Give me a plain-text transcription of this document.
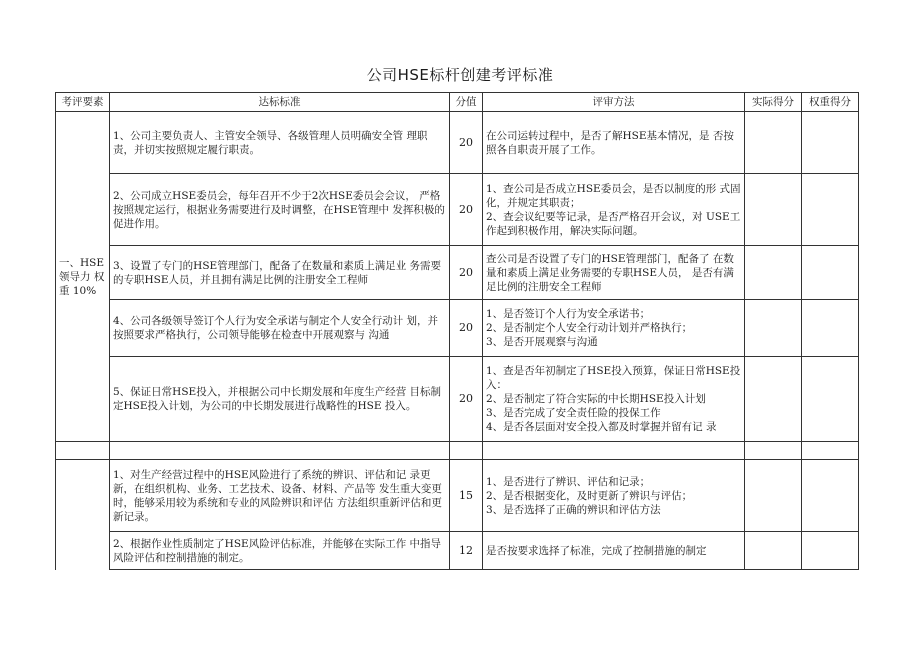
公司HSE标杆创建考评标准
考评要素	达标标准	分值	评审方法	实际得分	权重得分
一、HSE 领导力 权重 10%	1、公司主要负责人、主管安全领导、各级管理人员明确安全管 理职责，并切实按照规定履行职责。	20	在公司运转过程中，是否了解HSE基本情况，是 否按照各自职责开展了工作。		

	2、公司成立HSE委员会，每年召开不少于2次HSE委员会会议， 严格按照规定运行，根据业务需要进行及时调整，在HSE管理中 发挥积极的促进作用。	20	1、查公司是否成立HSE委员会，是否以制度的形 式固化，并规定其职责；
2、查会议纪要等记录，是否严格召开会议，对 USE工作起到积极作用，解决实际问题。		

	3、设置了专门的HSE管理部门，配备了在数量和素质上满足业 务需要的专职HSE人员，并且拥有满足比例的注册安全工程师	20	查公司是否设置了专门的HSE管理部门，配备了 在数量和素质上满足业务需要的专职HSE人员， 是否有满足比例的注册安全工程师		

	4、公司各级领导签订个人行为安全承诺与制定个人安全行动计 划，并按照要求严格执行，公司领导能够在检查中开展观察与 沟通	20	1、是否签订个人行为安全承诺书；
2、是否制定个人安全行动计划并严格执行；
3、是否开展观察与沟通		

	5、保证日常HSE投入，并根据公司中长期发展和年度生产经营 目标制定HSE投入计划，为公司的中长期发展进行战略性的HSE 投入。	20	1、查是否年初制定了HSE投入预算，保证日常HSE投入：
2、是否制定了符合实际的中长期HSE投入计划
3、是否完成了安全责任险的投保工作
4、是否各层面对安全投入都及时掌握并留有记 录		

	1、对生产经营过程中的HSE风险进行了系统的辨识、评估和记 录更新，在组织机构、业务、工艺技术、设备、材料、产品等 发生重大变更时，能够采用较为系统和专业的风险辨识和评估 方法组织重新评估和更新记录。	15	1、是否进行了辨识、评估和记录；
2、是否根据变化，及时更新了辨识与评估；
3、是否选择了正确的辨识和评估方法		

	2、根据作业性质制定了HSE风险评估标准，并能够在实际工作 中指导风险评估和控制措施的制定。	12	是否按要求选择了标准，完成了控制措施的制定		
